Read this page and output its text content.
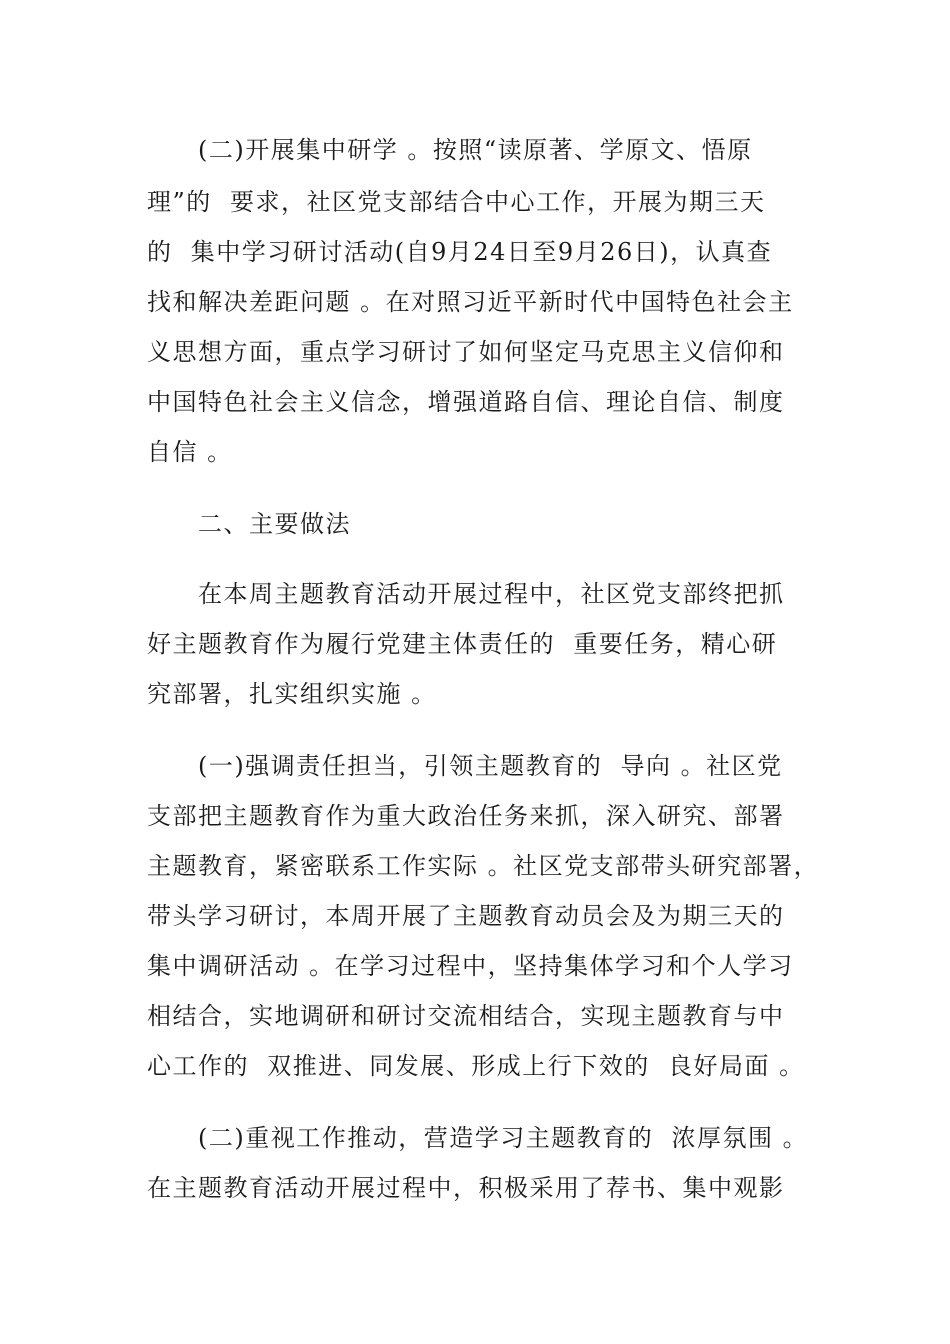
(二)开展集中研学 。按照“读原著、学原文、悟原
理”的  要求，社区党支部结合中心工作，开展为期三天
的  集中学习研讨活动(自9月24日至9月26日)，认真查
找和解决差距问题 。在对照习近平新时代中国特色社会主
义思想方面，重点学习研讨了如何坚定马克思主义信仰和
中国特色社会主义信念，增强道路自信、理论自信、制度
自信 。
二、主要做法
在本周主题教育活动开展过程中，社区党支部终把抓
好主题教育作为履行党建主体责任的  重要任务，精心研
究部署，扎实组织实施 。
(一)强调责任担当，引领主题教育的  导向 。社区党
支部把主题教育作为重大政治任务来抓，深入研究、部署
主题教育，紧密联系工作实际 。社区党支部带头研究部署，
带头学习研讨，本周开展了主题教育动员会及为期三天的
集中调研活动 。在学习过程中，坚持集体学习和个人学习
相结合，实地调研和研讨交流相结合，实现主题教育与中
心工作的  双推进、同发展、形成上行下效的  良好局面 。
(二)重视工作推动，营造学习主题教育的  浓厚氛围 。
在主题教育活动开展过程中，积极采用了荐书、集中观影
